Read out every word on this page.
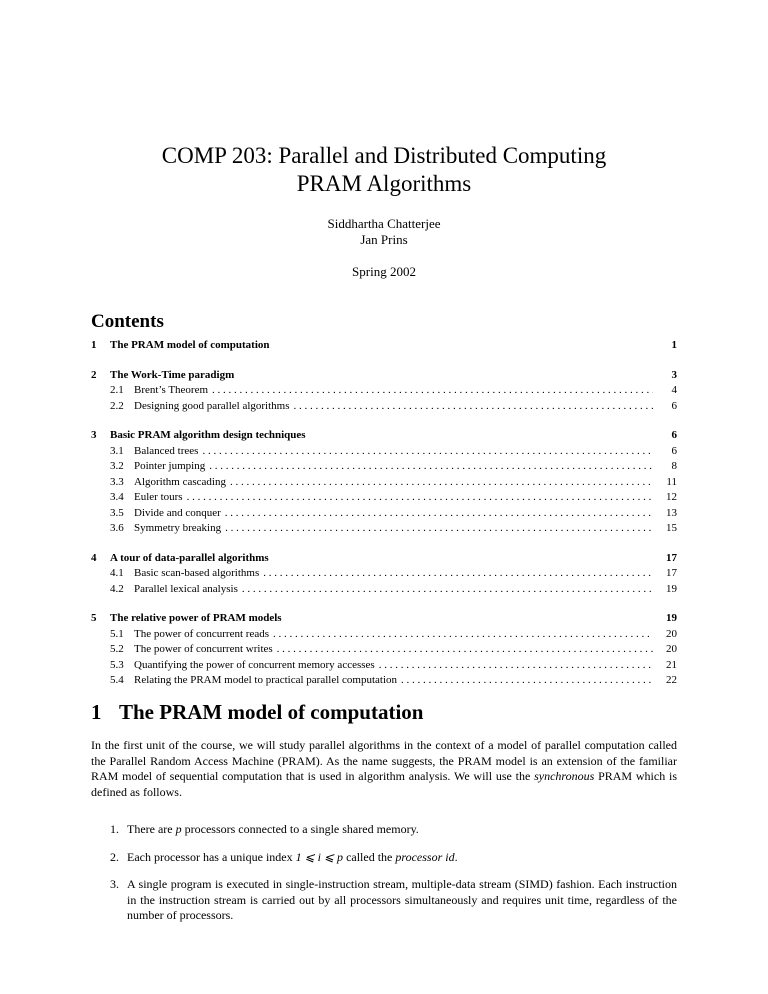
COMP 203: Parallel and Distributed Computing
PRAM Algorithms
Siddhartha Chatterjee
Jan Prins
Spring 2002
Contents
1	The PRAM model of computation	1
2	The Work-Time paradigm	3
2.1 Brent’s Theorem . . .	4
2.2 Designing good parallel algorithms . . .	6
3	Basic PRAM algorithm design techniques	6
3.1 Balanced trees . . .	6
3.2 Pointer jumping . . .	8
3.3 Algorithm cascading . . .	11
3.4 Euler tours . . .	12
3.5 Divide and conquer . . .	13
3.6 Symmetry breaking . . .	15
4	A tour of data-parallel algorithms	17
4.1 Basic scan-based algorithms . . .	17
4.2 Parallel lexical analysis . . .	19
5	The relative power of PRAM models	19
5.1 The power of concurrent reads . . .	20
5.2 The power of concurrent writes . . .	20
5.3 Quantifying the power of concurrent memory accesses . . .	21
5.4 Relating the PRAM model to practical parallel computation . . .	22
1 The PRAM model of computation
In the first unit of the course, we will study parallel algorithms in the context of a model of parallel computation called the Parallel Random Access Machine (PRAM). As the name suggests, the PRAM model is an extension of the familiar RAM model of sequential computation that is used in algorithm analysis. We will use the synchronous PRAM which is defined as follows.
1. There are p processors connected to a single shared memory.
2. Each processor has a unique index 1 ⩽ i ⩽ p called the processor id.
3. A single program is executed in single-instruction stream, multiple-data stream (SIMD) fashion. Each instruction in the instruction stream is carried out by all processors simultaneously and requires unit time, regardless of the number of processors.
